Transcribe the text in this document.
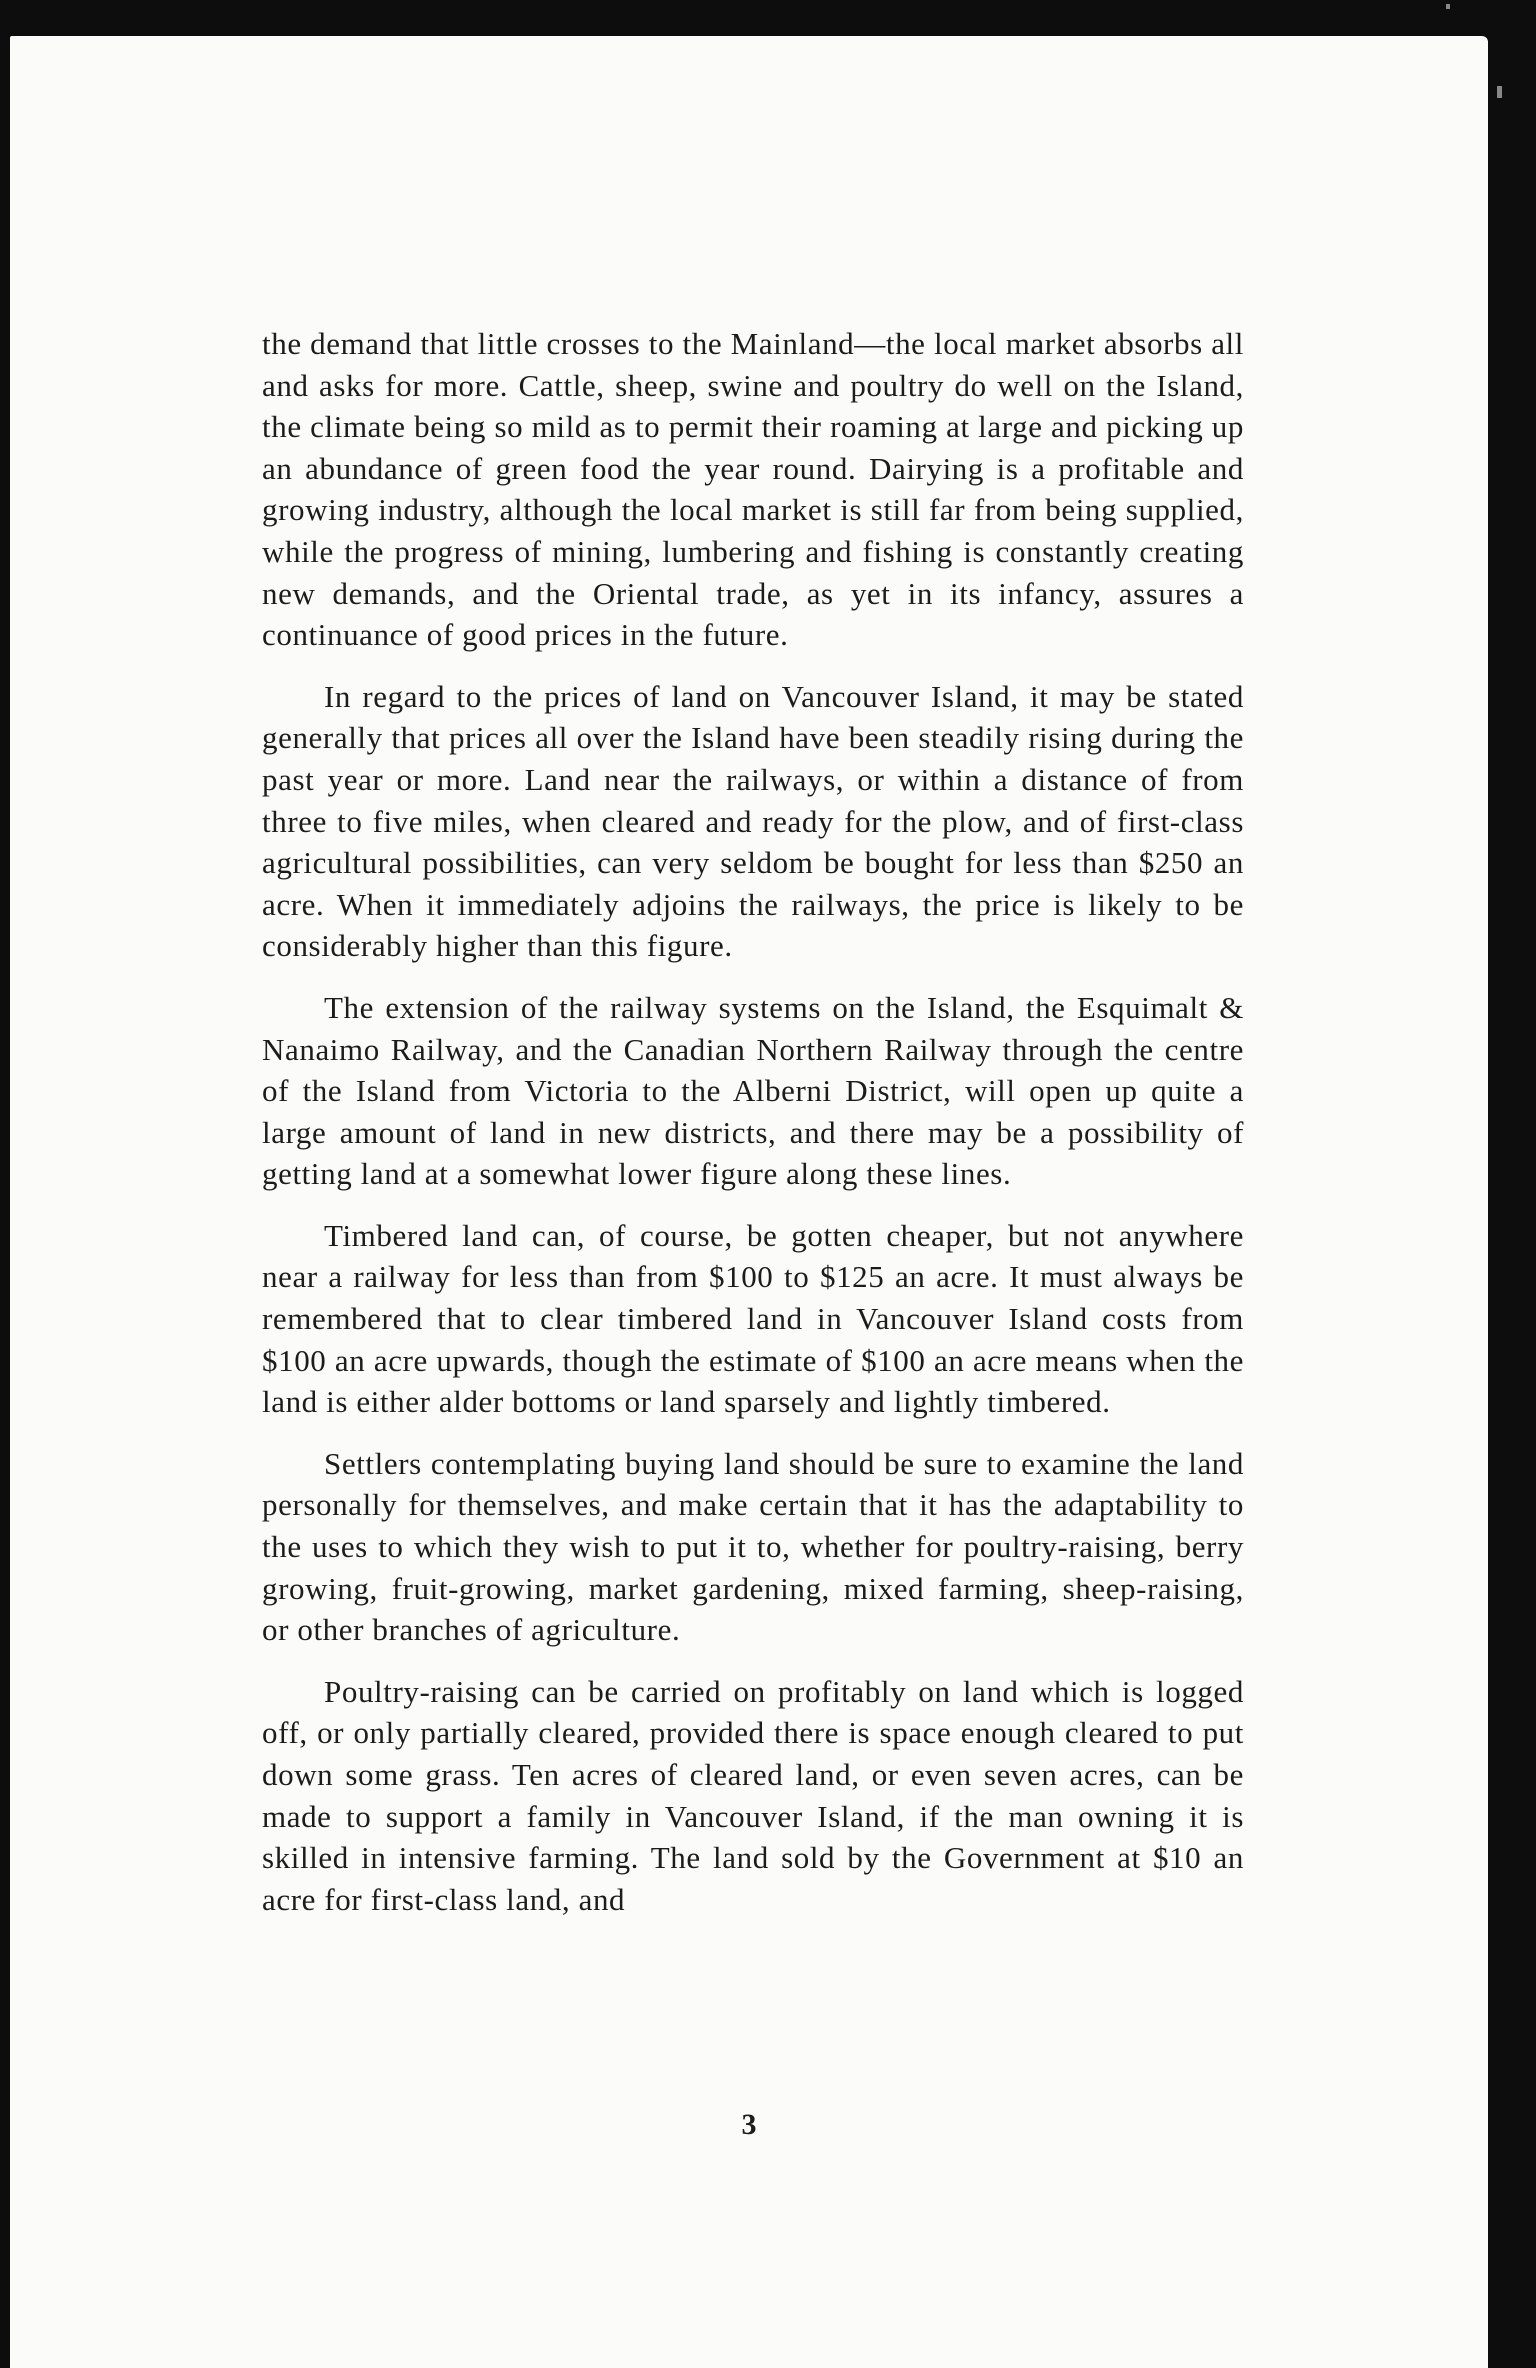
the demand that little crosses to the Mainland—the local market absorbs all and asks for more. Cattle, sheep, swine and poultry do well on the Island, the climate being so mild as to permit their roaming at large and picking up an abundance of green food the year round. Dairying is a profitable and growing industry, although the local market is still far from being supplied, while the progress of mining, lumbering and fishing is constantly creating new demands, and the Oriental trade, as yet in its infancy, assures a continuance of good prices in the future.

In regard to the prices of land on Vancouver Island, it may be stated generally that prices all over the Island have been steadily rising during the past year or more. Land near the railways, or within a distance of from three to five miles, when cleared and ready for the plow, and of first-class agricultural possibilities, can very seldom be bought for less than $250 an acre. When it immediately adjoins the railways, the price is likely to be considerably higher than this figure.

The extension of the railway systems on the Island, the Esquimalt & Nanaimo Railway, and the Canadian Northern Railway through the centre of the Island from Victoria to the Alberni District, will open up quite a large amount of land in new districts, and there may be a possibility of getting land at a somewhat lower figure along these lines.

Timbered land can, of course, be gotten cheaper, but not anywhere near a railway for less than from $100 to $125 an acre. It must always be remembered that to clear timbered land in Vancouver Island costs from $100 an acre upwards, though the estimate of $100 an acre means when the land is either alder bottoms or land sparsely and lightly timbered.

Settlers contemplating buying land should be sure to examine the land personally for themselves, and make certain that it has the adaptability to the uses to which they wish to put it to, whether for poultry-raising, berry growing, fruit-growing, market gardening, mixed farming, sheep-raising, or other branches of agriculture.

Poultry-raising can be carried on profitably on land which is logged off, or only partially cleared, provided there is space enough cleared to put down some grass. Ten acres of cleared land, or even seven acres, can be made to support a family in Vancouver Island, if the man owning it is skilled in intensive farming. The land sold by the Government at $10 an acre for first-class land, and

3
